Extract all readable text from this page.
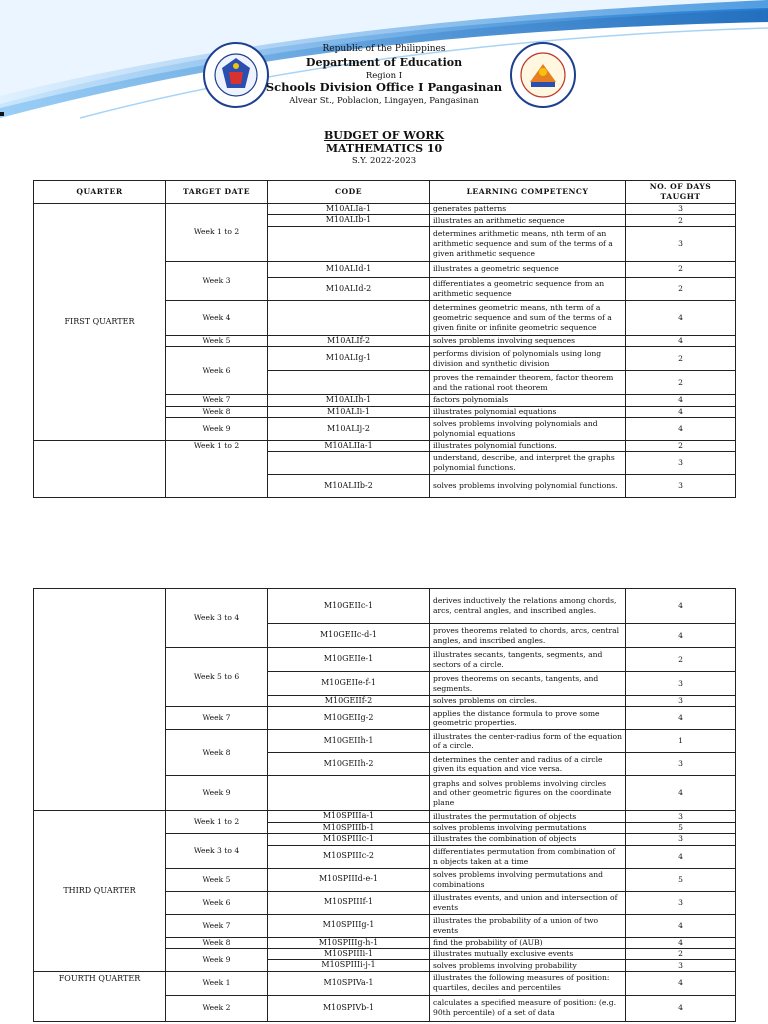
Republic of the Philippines
Department of Education
Region I
Schools Division Office I Pangasinan
Alvear St., Poblacion, Lingayen, Pangasinan
BUDGET OF WORK
MATHEMATICS 10
S.Y. 2022-2023
QUARTER	TARGET DATE	CODE	LEARNING COMPETENCY	NO. OF DAYS TAUGHT
FIRST QUARTER	Week 1 to 2	M10ALIa-1	generates patterns	3
		M10ALIb-1	illustrates an arithmetic sequence	2
			determines arithmetic means, nth term of an arithmetic sequence and sum of the terms of a given arithmetic sequence	3
	Week 3	M10ALId-1	illustrates a geometric sequence	2
		M10ALId-2	differentiates a geometric sequence from an arithmetic sequence	2
	Week 4		determines geometric means, nth term of a geometric sequence and sum of the terms of a given finite or infinite geometric sequence	4
	Week 5	M10ALIf-2	solves problems involving sequences	4
	Week 6	M10ALIg-1	performs division of polynomials using long division and synthetic division	2
			proves the remainder theorem, factor theorem and the rational root theorem	2
	Week 7	M10ALIh-1	factors polynomials	4
	Week 8	M10ALIi-1	illustrates polynomial equations	4
	Week 9	M10ALIj-2	solves problems involving polynomials and polynomial equations	4
	Week 1 to 2	M10ALIIa-1	illustrates polynomial functions.	2
			understand, describe, and interpret the graphs polynomial functions.	3
		M10ALIIb-2	solves problems involving polynomial functions.	3
	Week 3 to 4	M10GEIIc-1	derives inductively the relations among chords, arcs, central angles, and inscribed angles.	4
		M10GEIIc-d-1	proves theorems related to chords, arcs, central angles, and inscribed angles.	4
	Week 5 to 6	M10GEIIe-1	illustrates secants, tangents, segments, and sectors of a circle.	2
		M10GEIIe-f-1	proves theorems on secants, tangents, and segments.	3
		M10GEIIf-2	solves problems on circles.	3
	Week 7	M10GEIIg-2	applies the distance formula to prove some geometric properties.	4
	Week 8	M10GEIIh-1	illustrates the center-radius form of the equation of a circle.	1
		M10GEIIh-2	determines the center and radius of a circle given its equation and vice versa.	3
	Week 9		graphs and solves problems involving circles and other geometric figures on the coordinate plane	4
THIRD QUARTER	Week 1 to 2	M10SPIIIa-1	illustrates the permutation of objects	3
		M10SPIIIb-1	solves problems involving permutations	5
	Week 3 to 4	M10SPIIIc-1	illustrates the combination of objects	3
		M10SPIIIc-2	differentiates permutation from combination of n objects taken at a time	4
	Week 5	M10SPIIId-e-1	solves problems involving permutations and combinations	5
	Week 6	M10SPIIIf-1	illustrates events, and union and intersection of events	3
	Week 7	M10SPIIIg-1	illustrates the probability of a union of two events	4
	Week 8	M10SPIIIg-h-1	find the probability of (AUB)	4
	Week 9	M10SPIIIi-1	illustrates mutually exclusive events	2
		M10SPIIIi-j-1	solves problems involving probability	3
FOURTH QUARTER	Week 1	M10SPIVa-1	illustrates the following measures of position: quartiles, deciles and percentiles	4
	Week 2	M10SPIVb-1	calculates a specified measure of position: (e.g. 90th percentile) of a set of data	4
